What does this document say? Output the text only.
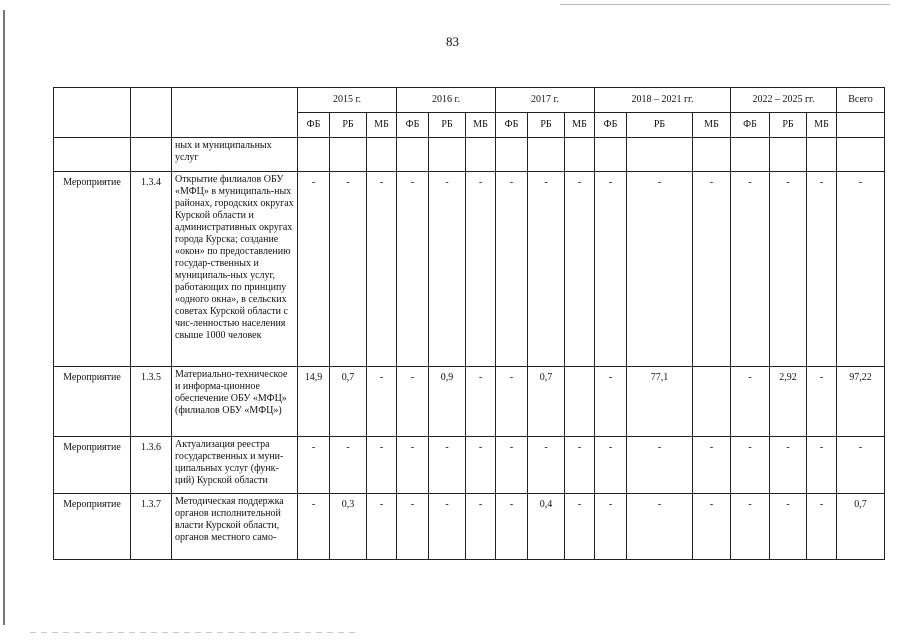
83
			2015 г.			2016 г.			2017 г.			2018 – 2021 гг.			2022 – 2025 гг.			Всего
			ФБ	РБ	МБ	ФБ	РБ	МБ	ФБ	РБ	МБ	ФБ	РБ	МБ	ФБ	РБ	МБ	
		ных и муниципальных услуг																
Мероприятие	1.3.4	Открытие филиалов ОБУ «МФЦ» в муниципаль-ных районах, городских округах Курской области и административных округах города Курска; создание «окон» по предоставлению государ-ственных и муниципаль-ных услуг, работающих по принципу «одного окна», в сельских советах Курской области с чис-ленностью населения свыше 1000 человек	-	-	-	-	-	-	-	-	-	-	-	-	-	-	-	-
Мероприятие	1.3.5	Материально-техническое и информа-ционное обеспечение ОБУ «МФЦ» (филиалов ОБУ «МФЦ»)	14,9	0,7	-	-	0,9	-	-	0,7		-	77,1		-	2,92	-	97,22
Мероприятие	1.3.6	Актуализация реестра государственных и муни-ципальных услуг (функ-ций) Курской области	-	-	-	-	-	-	-	-	-	-	-	-	-	-	-	-
Мероприятие	1.3.7	Методическая поддержка органов исполнительной власти Курской области, органов местного само-	-	0,3	-	-	-	-	-	0,4	-	-	-	-	-	-	-	0,7
